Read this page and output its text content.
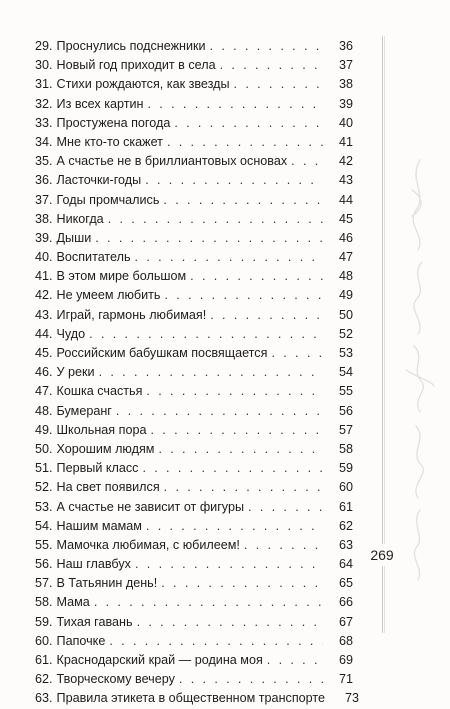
29. Проснулись подснежники . . .	36
30. Новый год приходит в села . . .	37
31. Стихи рождаются, как звезды . . .	38
32. Из всех картин . . .	39
33. Простужена погода . . .	40
34. Мне кто-то скажет . . .	41
35. А счастье не в бриллиантовых основах . . .	42
36. Ласточки-годы . . .	43
37. Годы промчались . . .	44
38. Никогда . . .	45
39. Дыши . . .	46
40. Воспитатель . . .	47
41. В этом мире большом . . .	48
42. Не умеем любить . . .	49
43. Играй, гармонь любимая! . . .	50
44. Чудо . . .	52
45. Российским бабушкам посвящается . . .	53
46. У реки . . .	54
47. Кошка счастья . . .	55
48. Бумеранг . . .	56
49. Школьная пора . . .	57
50. Хорошим людям . . .	58
51. Первый класс . . .	59
52. На свет появился . . .	60
53. А счастье не зависит от фигуры . . .	61
54. Нашим мамам . . .	62
55. Мамочка любимая, с юбилеем! . . .	63
56. Наш главбух . . .	64
57. В Татьянин день! . . .	65
58. Мама . . .	66
59. Тихая гавань . . .	67
60. Папочке . . .	68
61. Краснодарский край — родина моя . . .	69
62. Творческому вечеру . . .	71
63. Правила этикета в общественном транспорте	73
269
